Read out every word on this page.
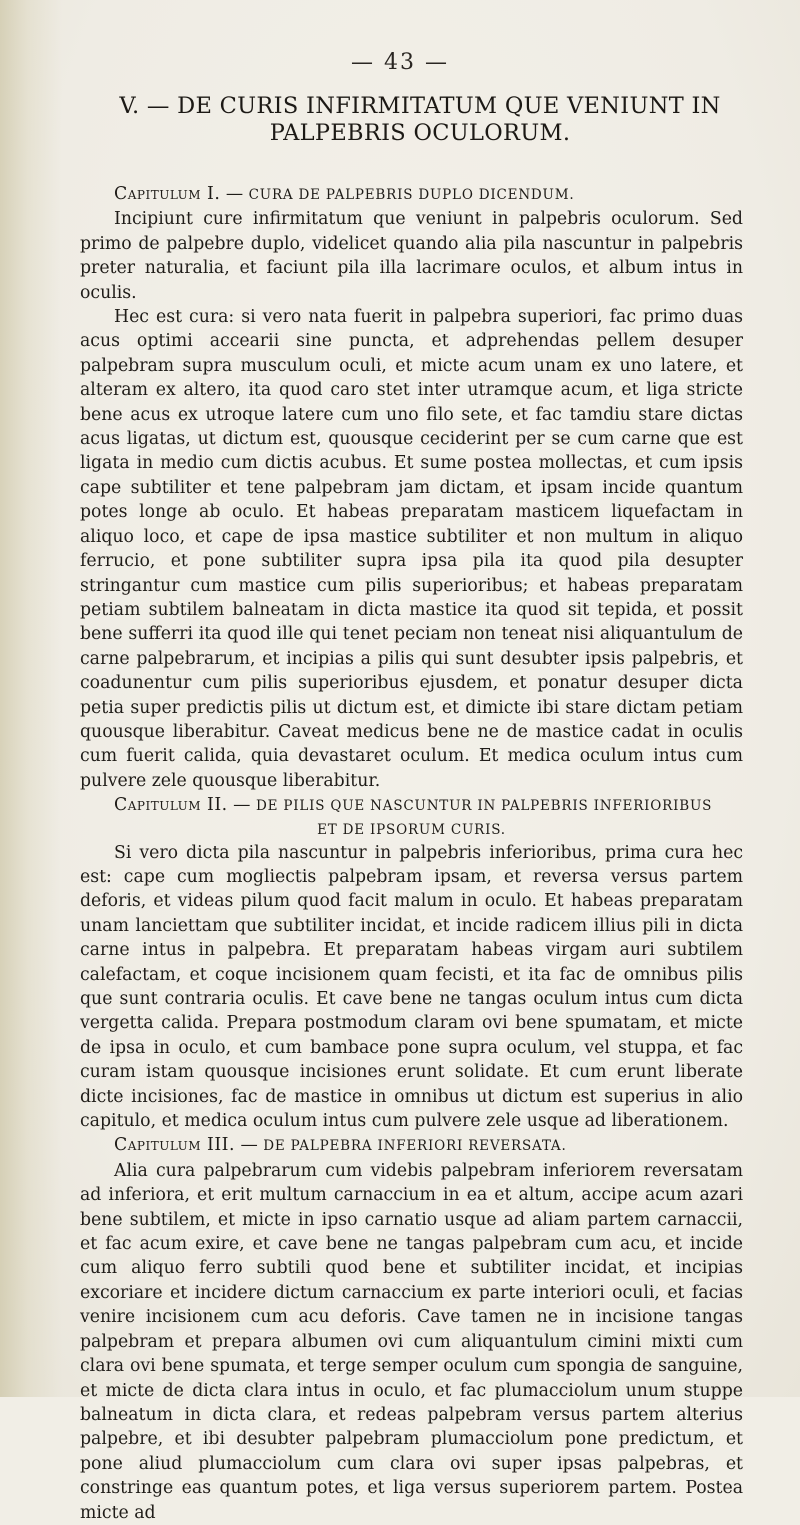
— 43 —
V. — DE CURIS INFIRMITATUM QUE VENIUNT IN PALPEBRIS OCULORUM.

Capitulum I. — CURA DE PALPEBRIS DUPLO DICENDUM.

Incipiunt cure infirmitatum que veniunt in palpebris oculorum. Sed primo de palpebre duplo, videlicet quando alia pila nascuntur in palpebris preter naturalia, et faciunt pila illa lacrimare oculos, et album intus in oculis.

Hec est cura: si vero nata fuerit in palpebra superiori, fac primo duas acus optimi accearii sine puncta, et adprehendas pellem desuper palpebram supra musculum oculi, et micte acum unam ex uno latere, et alteram ex altero, ita quod caro stet inter utramque acum, et liga stricte bene acus ex utroque latere cum uno filo sete, et fac tamdiu stare dictas acus ligatas, ut dictum est, quousque ceciderint per se cum carne que est ligata in medio cum dictis acubus. Et sume postea mollectas, et cum ipsis cape subtiliter et tene palpebram jam dictam, et ipsam incide quantum potes longe ab oculo. Et habeas preparatam masticem liquefactam in aliquo loco, et cape de ipsa mastice subtiliter et non multum in aliquo ferrucio, et pone subtiliter supra ipsa pila ita quod pila desupter stringantur cum mastice cum pilis superioribus; et habeas preparatam petiam subtilem balneatam in dicta mastice ita quod sit tepida, et possit bene sufferri ita quod ille qui tenet peciam non teneat nisi aliquantulum de carne palpebrarum, et incipias a pilis qui sunt desubter ipsis palpebris, et coadunentur cum pilis superioribus ejusdem, et ponatur desuper dicta petia super predictis pilis ut dictum est, et dimicte ibi stare dictam petiam quousque liberabitur. Caveat medicus bene ne de mastice cadat in oculis cum fuerit calida, quia devastaret oculum. Et medica oculum intus cum pulvere zele quousque liberabitur.

Capitulum II. — DE PILIS QUE NASCUNTUR IN PALPEBRIS INFERIORIBUS

ET DE IPSORUM CURIS.

Si vero dicta pila nascuntur in palpebris inferioribus, prima cura hec est: cape cum mogliectis palpebram ipsam, et reversa versus partem deforis, et videas pilum quod facit malum in oculo. Et habeas preparatam unam lanciettam que subtiliter incidat, et incide radicem illius pili in dicta carne intus in palpebra. Et preparatam habeas virgam auri subtilem calefactam, et coque incisionem quam fecisti, et ita fac de omnibus pilis que sunt contraria oculis. Et cave bene ne tangas oculum intus cum dicta vergetta calida. Prepara postmodum claram ovi bene spumatam, et micte de ipsa in oculo, et cum bambace pone supra oculum, vel stuppa, et fac curam istam quousque incisiones erunt solidate. Et cum erunt liberate dicte incisiones, fac de mastice in omnibus ut dictum est superius in alio capitulo, et medica oculum intus cum pulvere zele usque ad liberationem.

Capitulum III. — DE PALPEBRA INFERIORI REVERSATA.

Alia cura palpebrarum cum videbis palpebram inferiorem reversatam ad inferiora, et erit multum carnaccium in ea et altum, accipe acum azari bene subtilem, et micte in ipso carnatio usque ad aliam partem carnaccii, et fac acum exire, et cave bene ne tangas palpebram cum acu, et incide cum aliquo ferro subtili quod bene et subtiliter incidat, et incipias excoriare et incidere dictum carnaccium ex parte interiori oculi, et facias venire incisionem cum acu deforis. Cave tamen ne in incisione tangas palpebram et prepara albumen ovi cum aliquantulum cimini mixti cum clara ovi bene spumata, et terge semper oculum cum spongia de sanguine, et micte de dicta clara intus in oculo, et fac plumacciolum unum stuppe balneatum in dicta clara, et redeas palpebram versus partem alterius palpebre, et ibi desubter palpebram plumacciolum pone predictum, et pone aliud plumacciolum cum clara ovi super ipsas palpebras, et constringe eas quantum potes, et liga versus superiorem partem. Postea micte ad
